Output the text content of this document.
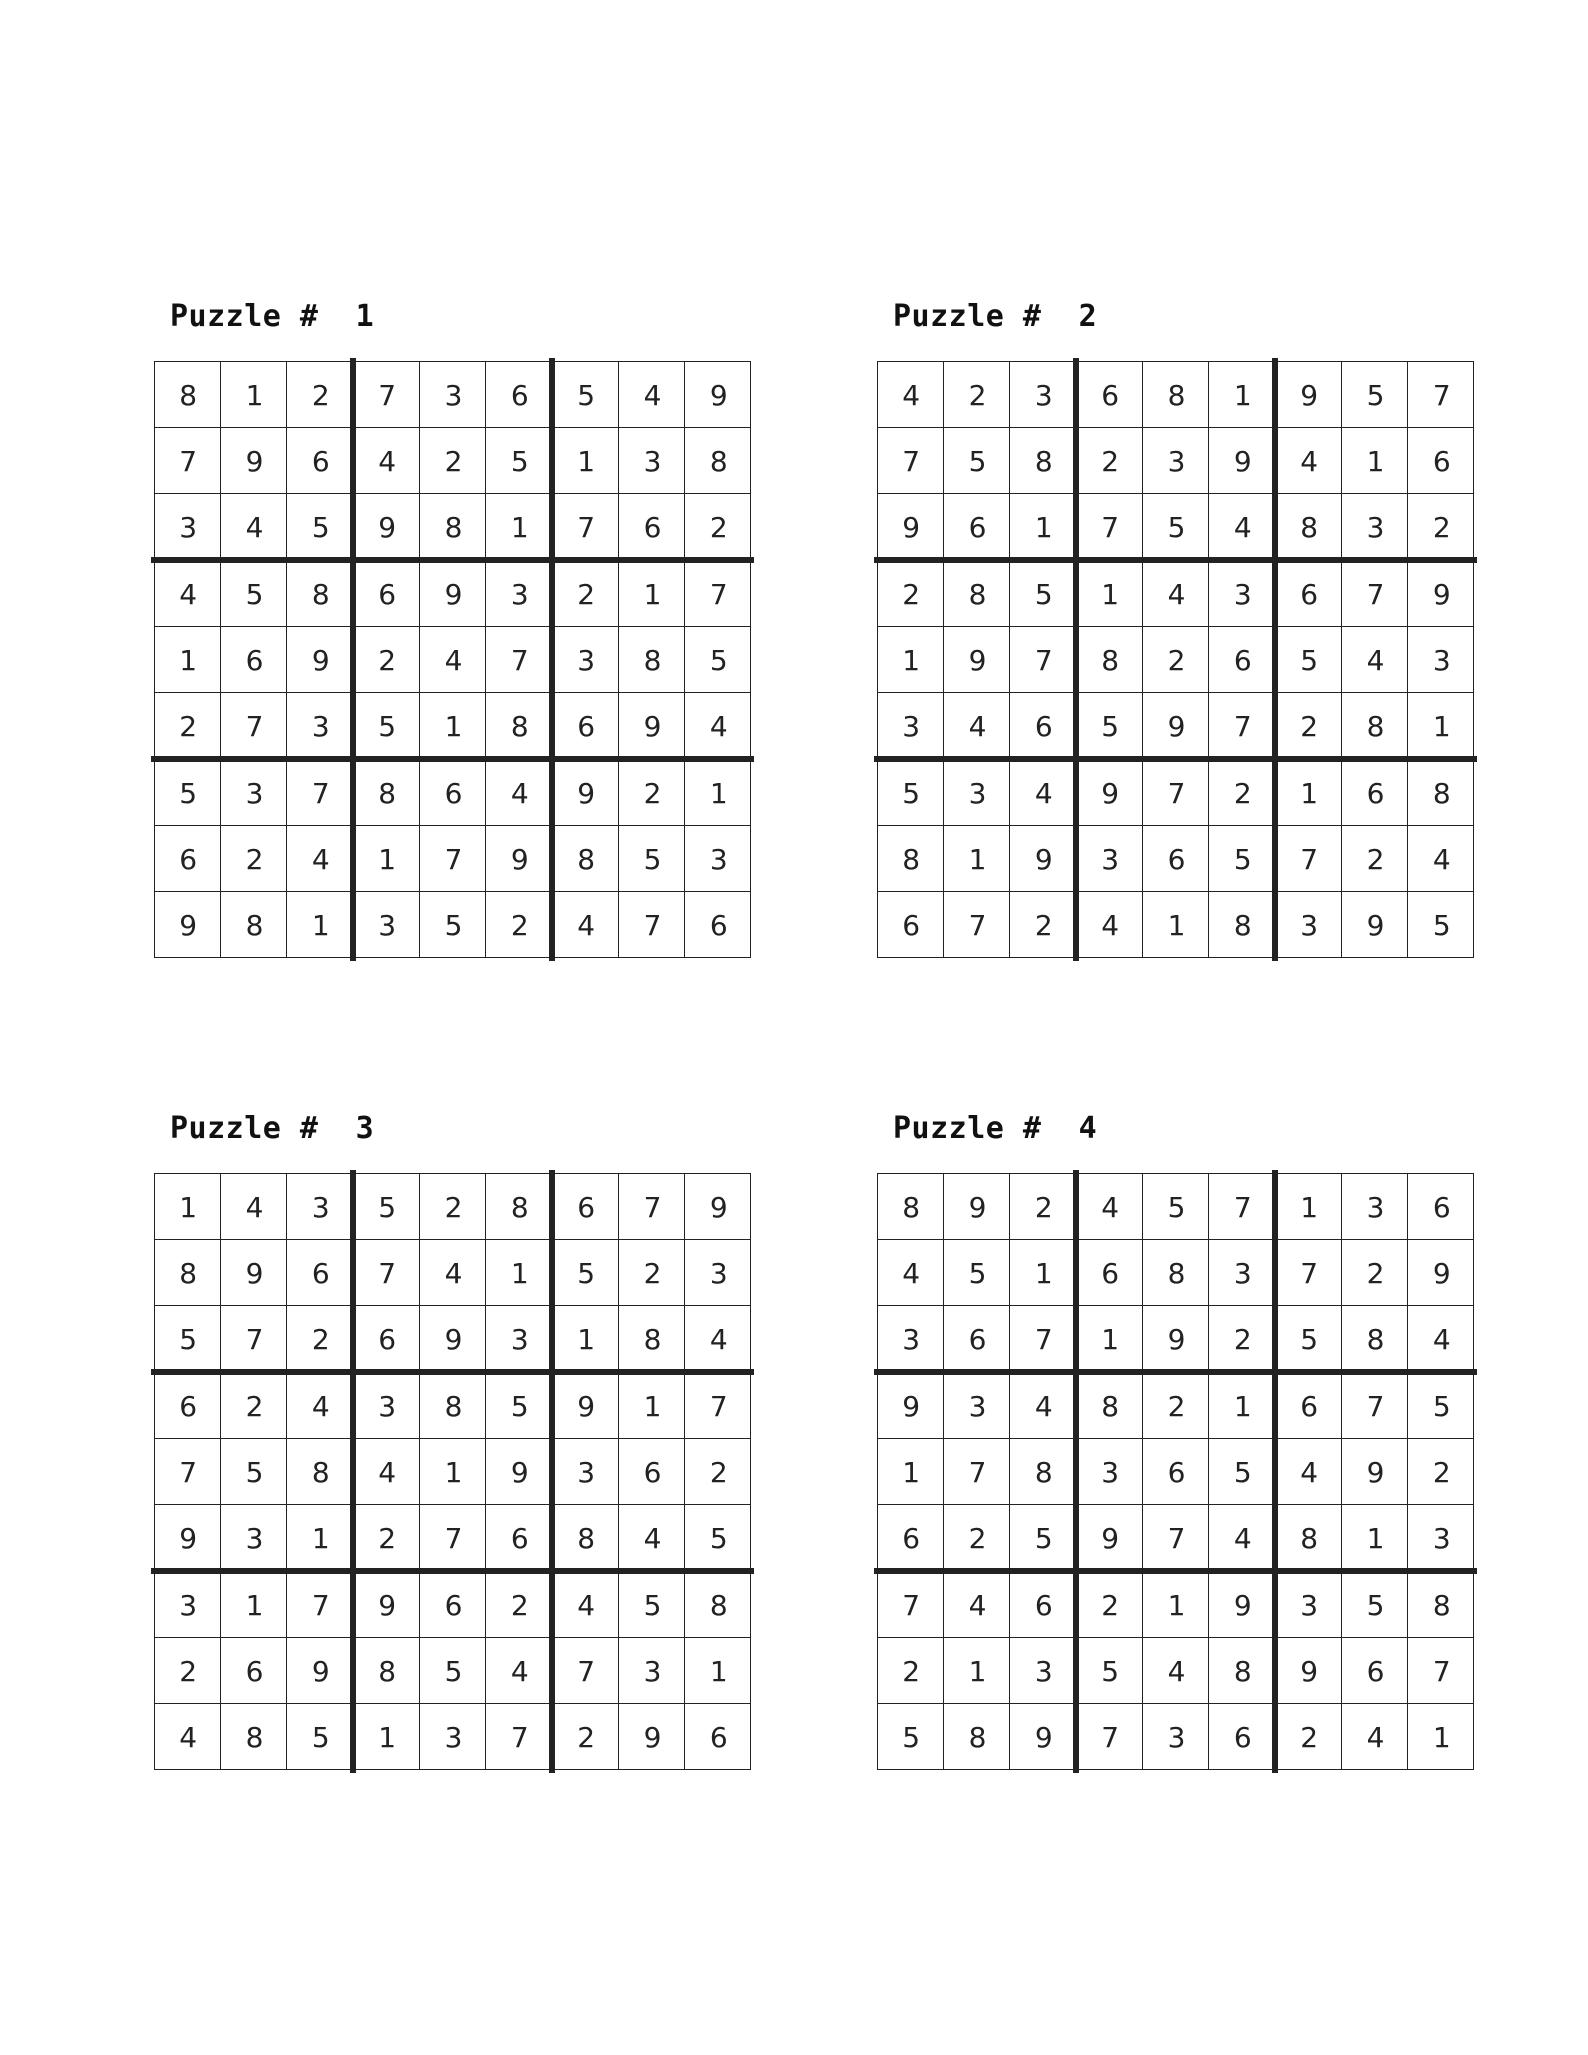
Puzzle #  1
8	1	2	7	3	6	5	4	9
7	9	6	4	2	5	1	3	8
3	4	5	9	8	1	7	6	2
4	5	8	6	9	3	2	1	7
1	6	9	2	4	7	3	8	5
2	7	3	5	1	8	6	9	4
5	3	7	8	6	4	9	2	1
6	2	4	1	7	9	8	5	3
9	8	1	3	5	2	4	7	6
Puzzle #  2
4	2	3	6	8	1	9	5	7
7	5	8	2	3	9	4	1	6
9	6	1	7	5	4	8	3	2
2	8	5	1	4	3	6	7	9
1	9	7	8	2	6	5	4	3
3	4	6	5	9	7	2	8	1
5	3	4	9	7	2	1	6	8
8	1	9	3	6	5	7	2	4
6	7	2	4	1	8	3	9	5
Puzzle #  3
1	4	3	5	2	8	6	7	9
8	9	6	7	4	1	5	2	3
5	7	2	6	9	3	1	8	4
6	2	4	3	8	5	9	1	7
7	5	8	4	1	9	3	6	2
9	3	1	2	7	6	8	4	5
3	1	7	9	6	2	4	5	8
2	6	9	8	5	4	7	3	1
4	8	5	1	3	7	2	9	6
Puzzle #  4
8	9	2	4	5	7	1	3	6
4	5	1	6	8	3	7	2	9
3	6	7	1	9	2	5	8	4
9	3	4	8	2	1	6	7	5
1	7	8	3	6	5	4	9	2
6	2	5	9	7	4	8	1	3
7	4	6	2	1	9	3	5	8
2	1	3	5	4	8	9	6	7
5	8	9	7	3	6	2	4	1
